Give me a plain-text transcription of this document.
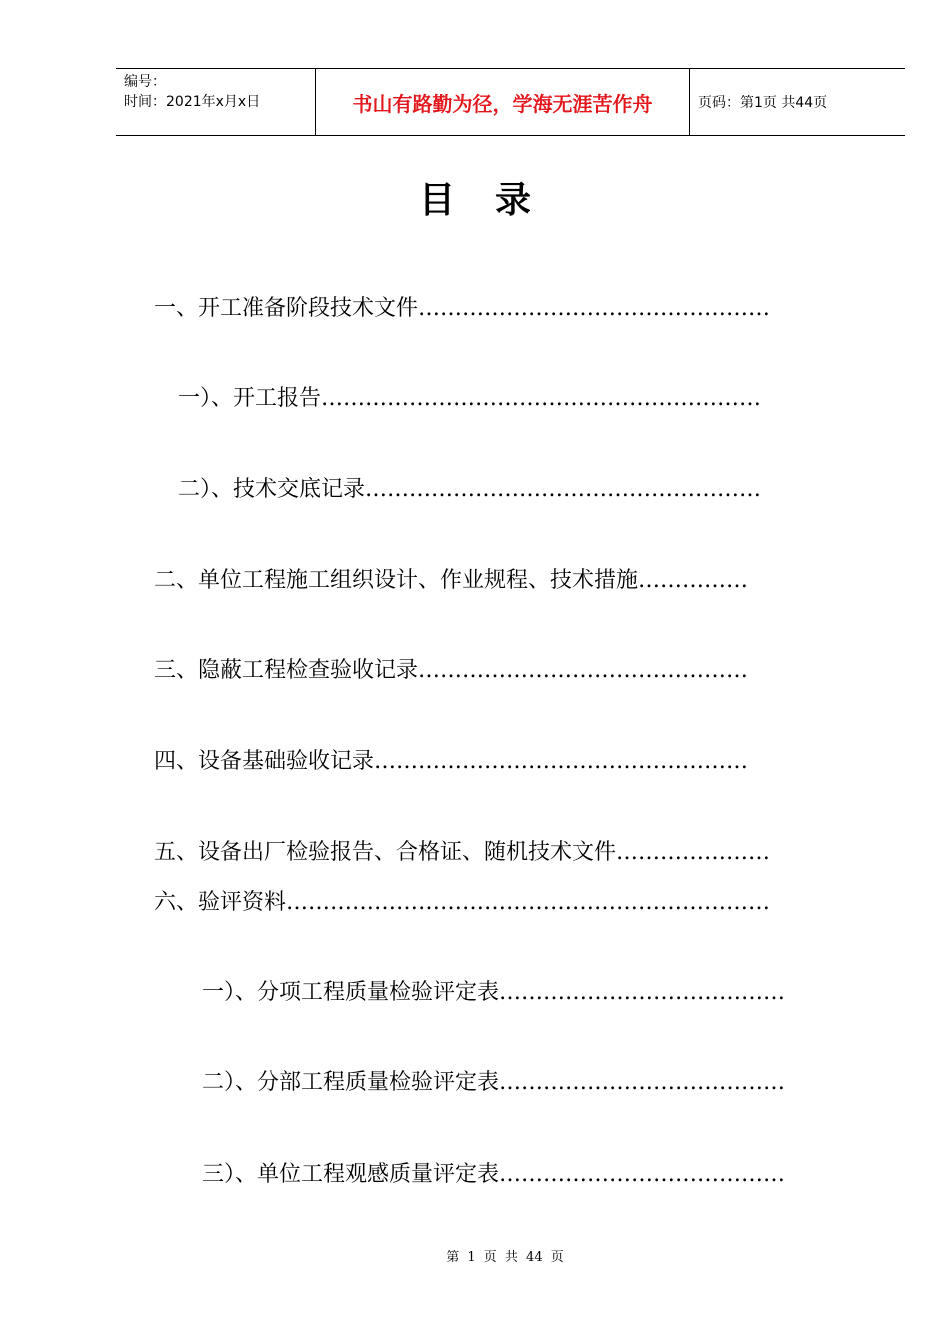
编号：
时间：2021年x月x日	书山有路勤为径，学海无涯苦作舟	页码：第1页 共44页
目录
一、开工准备阶段技术文件…………………………………………
一）、开工报告……………………………………………………
二）、技术交底记录………………………………………………
二、单位工程施工组织设计、作业规程、技术措施……………
三、隐蔽工程检查验收记录………………………………………
四、设备基础验收记录……………………………………………
五、设备出厂检验报告、合格证、随机技术文件…………………
六、验评资料…………………………………………………………
一）、分项工程质量检验评定表…………………………………
二）、分部工程质量检验评定表…………………………………
三）、单位工程观感质量评定表…………………………………
第 1 页 共 44 页
